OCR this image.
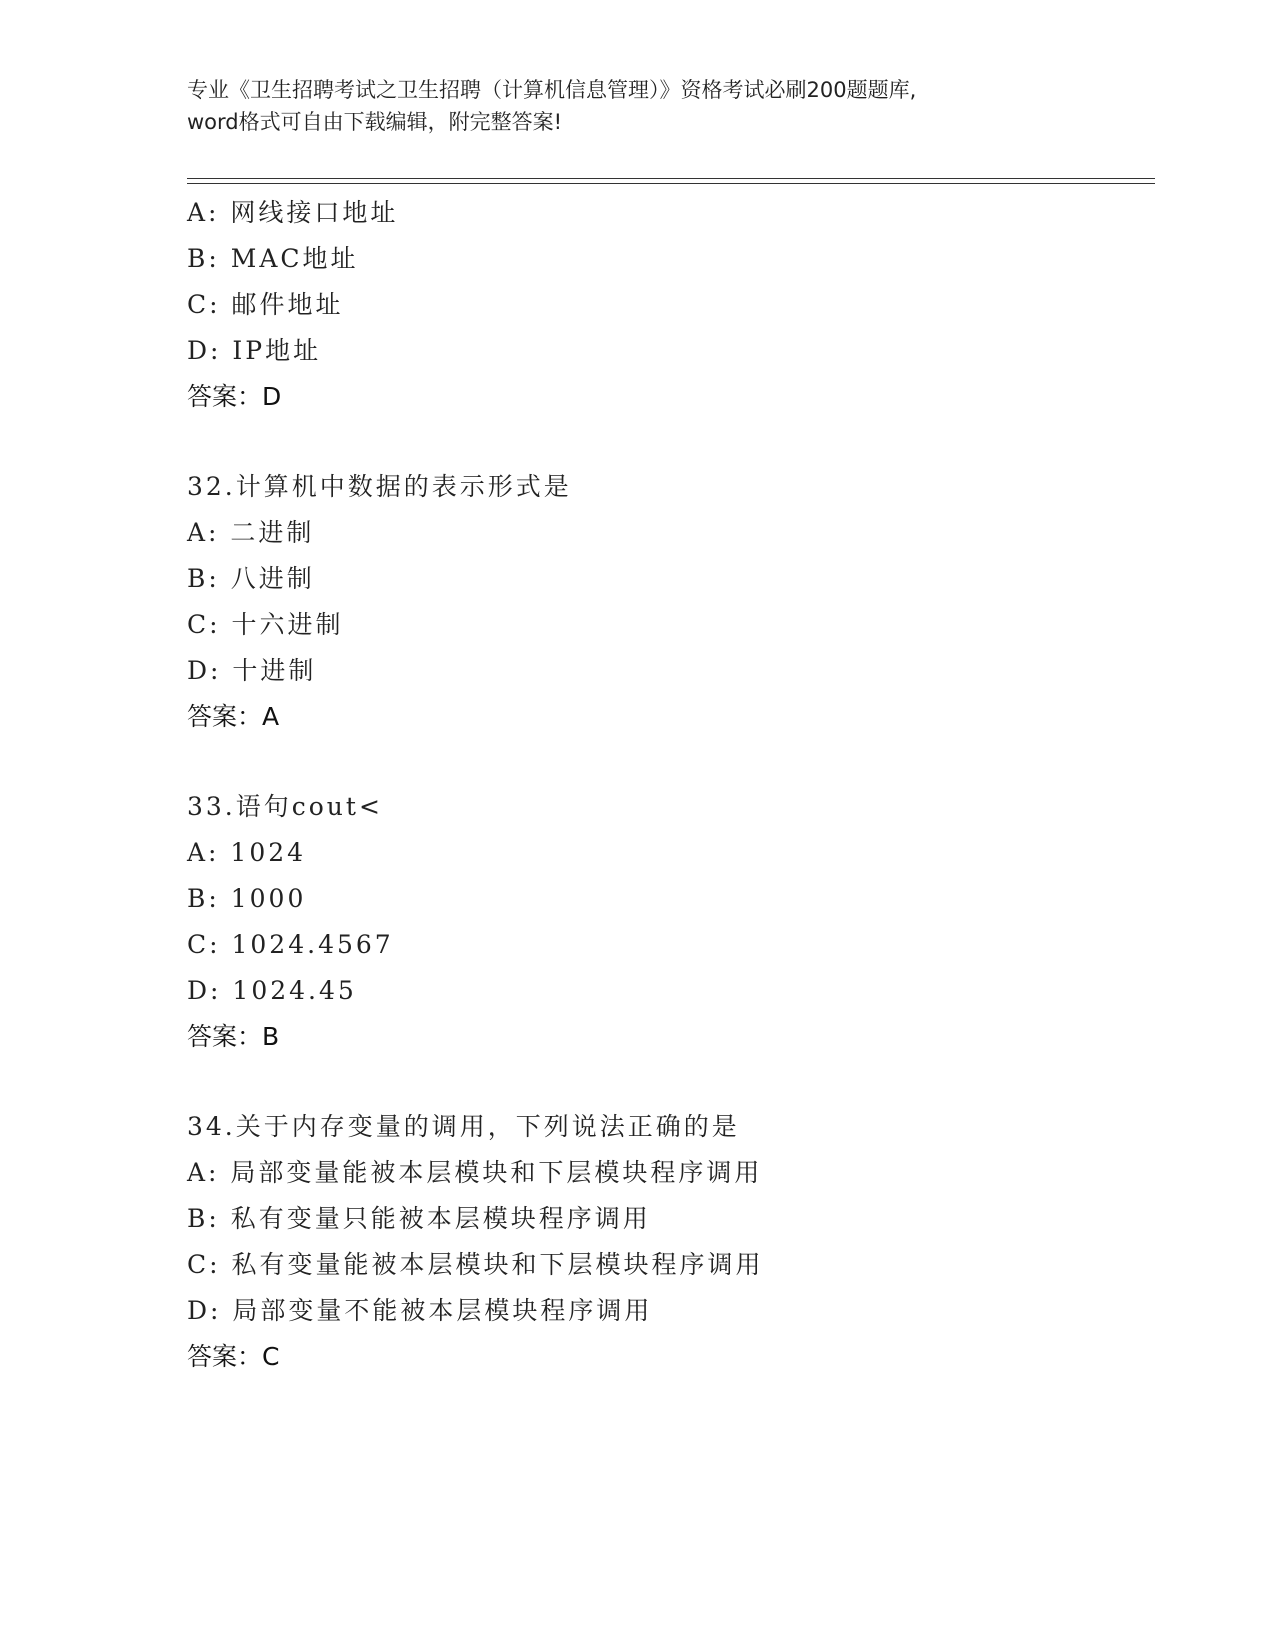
专业《卫生招聘考试之卫生招聘（计算机信息管理）》资格考试必刷200题题库,
word格式可自由下载编辑，附完整答案!
A: 网线接口地址
B: MAC地址
C: 邮件地址
D: IP地址
答案：D
32.计算机中数据的表示形式是
A: 二进制
B: 八进制
C: 十六进制
D: 十进制
答案：A
33.语句cout<
A: 1024
B: 1000
C: 1024.4567
D: 1024.45
答案：B
34.关于内存变量的调用，下列说法正确的是
A: 局部变量能被本层模块和下层模块程序调用
B: 私有变量只能被本层模块程序调用
C: 私有变量能被本层模块和下层模块程序调用
D: 局部变量不能被本层模块程序调用
答案：C
